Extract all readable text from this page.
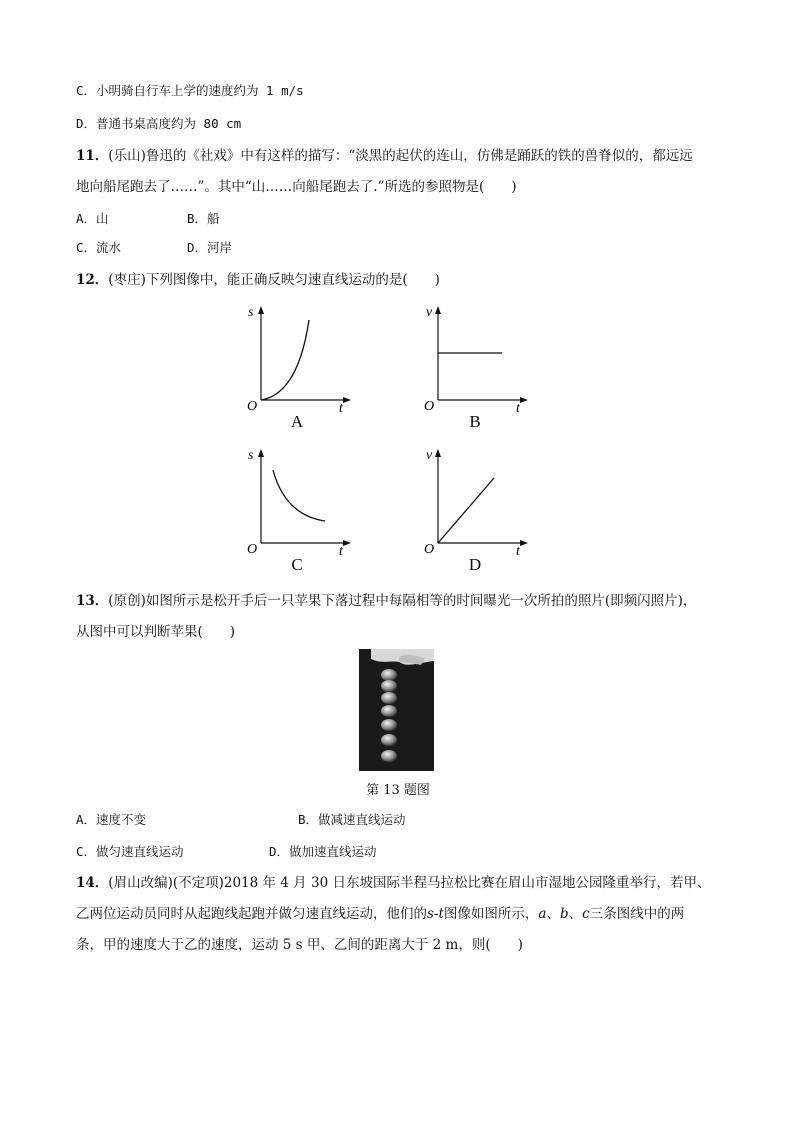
C．小明骑自行车上学的速度约为 1 m/s
D．普通书桌高度约为 80 cm
11．(乐山)鲁迅的《社戏》中有这样的描写：“淡黑的起伏的连山，仿佛是踊跃的铁的兽脊似的，都远远
地向船尾跑去了……”。其中“山……向船尾跑去了.”所选的参照物是(　　)
A．山	B．船
C．流水	D．河岸
12．(枣庄)下列图像中，能正确反映匀速直线运动的是(　　)
s
O	t
A
v
O	t
B
s
O	t
C
v
O	t
D
13．(原创)如图所示是松开手后一只苹果下落过程中每隔相等的时间曝光一次所拍的照片(即频闪照片)，
从图中可以判断苹果(　　)
第 13 题图
A．速度不变	B．做减速直线运动
C．做匀速直线运动	D．做加速直线运动
14．(眉山改编)(不定项)2018 年 4 月 30 日东坡国际半程马拉松比赛在眉山市湿地公园隆重举行，若甲、
乙两位运动员同时从起跑线起跑并做匀速直线运动，他们的s-t图像如图所示，a、b、c三条图线中的两
条，甲的速度大于乙的速度，运动 5 s 甲、乙间的距离大于 2 m，则(　　)
